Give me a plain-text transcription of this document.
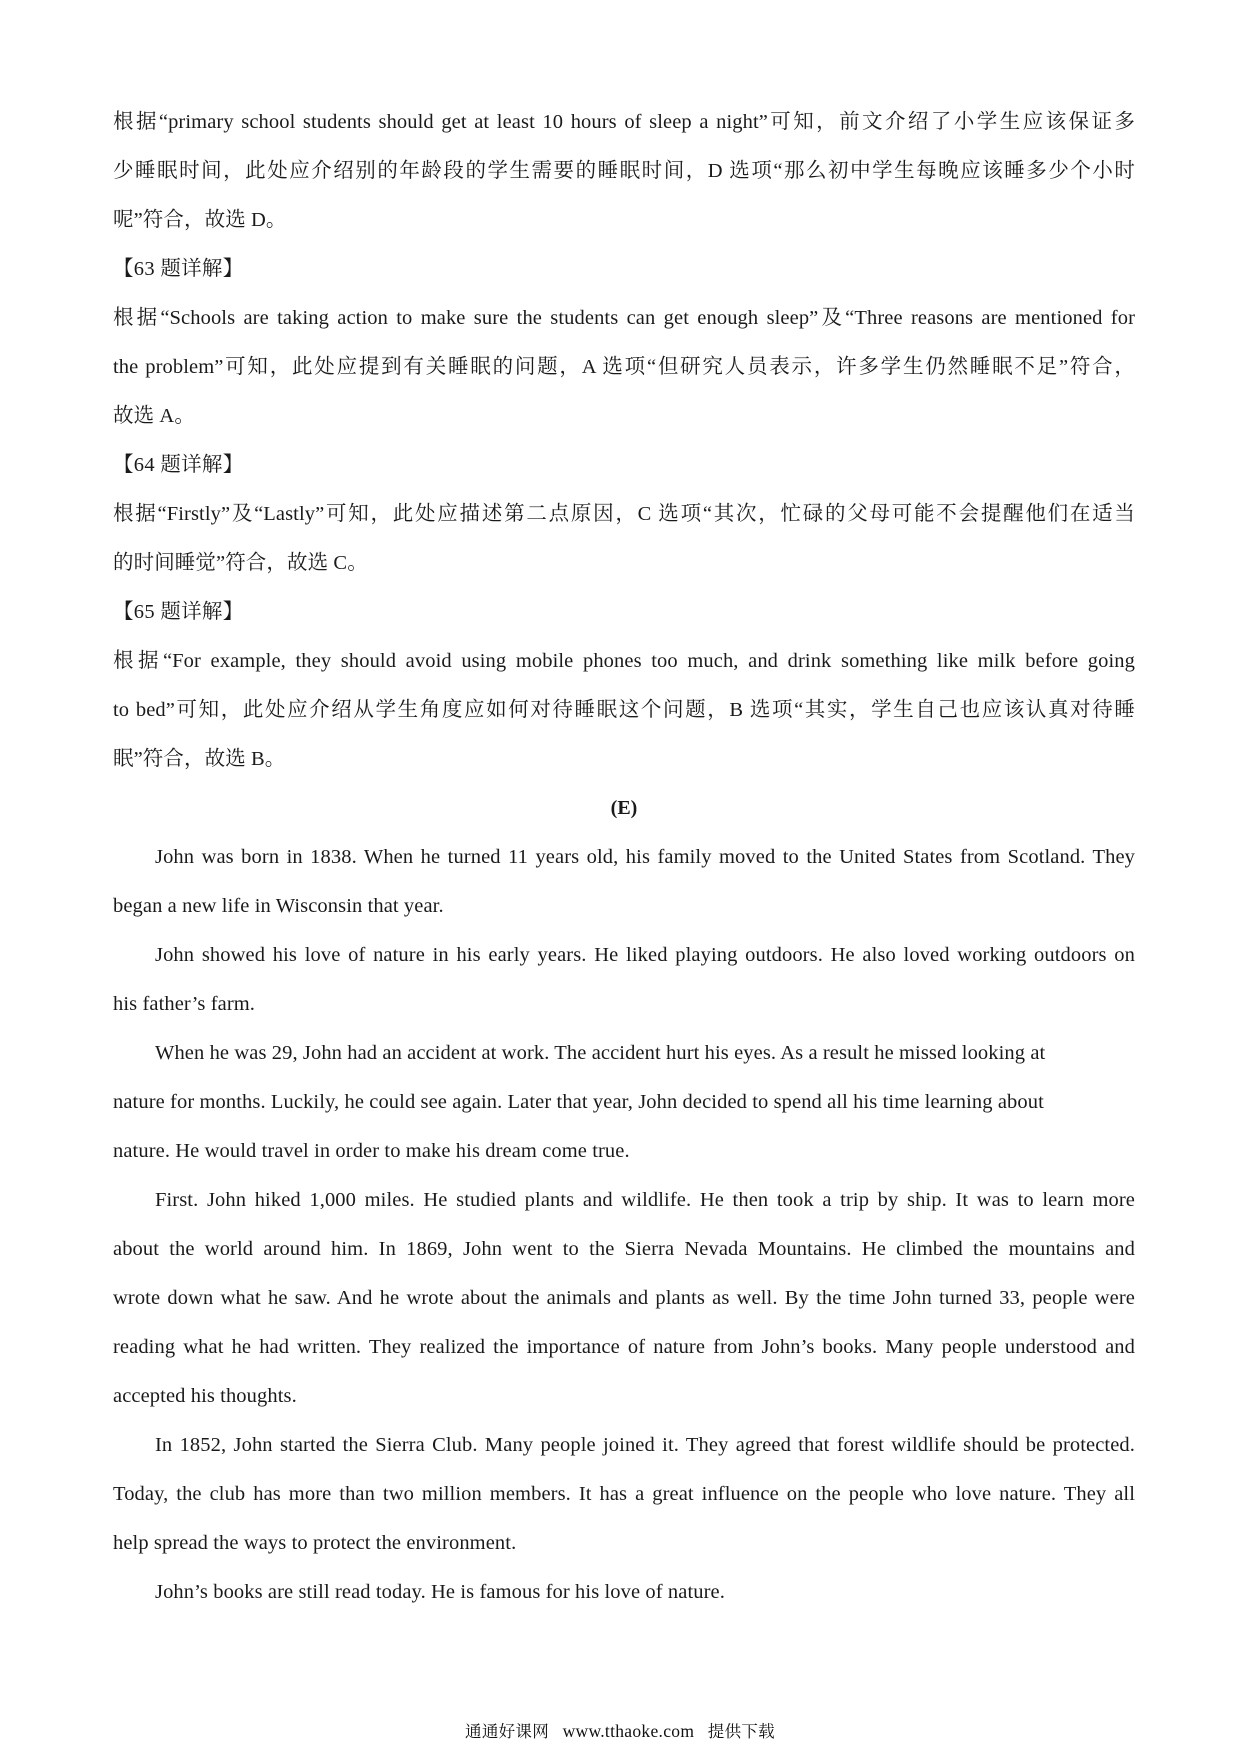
根据“primary school students should get at least 10 hours of sleep a night”可知，前文介绍了小学生应该保证多
少睡眠时间，此处应介绍别的年龄段的学生需要的睡眠时间，D 选项“那么初中学生每晚应该睡多少个小时
呢”符合，故选 D。
【63 题详解】
根据“Schools are taking action to make sure the students can get enough sleep”及“Three reasons are mentioned for
the problem”可知，此处应提到有关睡眠的问题，A 选项“但研究人员表示，许多学生仍然睡眠不足”符合，
故选 A。
【64 题详解】
根据“Firstly”及“Lastly”可知，此处应描述第二点原因，C 选项“其次，忙碌的父母可能不会提醒他们在适当
的时间睡觉”符合，故选 C。
【65 题详解】
根据“For example, they should avoid using mobile phones too much, and drink something like milk before going
to bed”可知，此处应介绍从学生角度应如何对待睡眠这个问题，B 选项“其实，学生自己也应该认真对待睡
眠”符合，故选 B。
(E)
John was born in 1838. When he turned 11 years old, his family moved to the United States from Scotland. They
began a new life in Wisconsin that year.
John showed his love of nature in his early years. He liked playing outdoors. He also loved working outdoors on
his father’s farm.
When he was 29, John had an accident at work. The accident hurt his eyes. As a result he missed looking at
nature for months. Luckily, he could see again. Later that year, John decided to spend all his time learning about
nature. He would travel in order to make his dream come true.
First. John hiked 1,000 miles. He studied plants and wildlife. He then took a trip by ship. It was to learn more
about the world around him. In 1869, John went to the Sierra Nevada Mountains. He climbed the mountains and
wrote down what he saw. And he wrote about the animals and plants as well. By the time John turned 33, people were
reading what he had written. They realized the importance of nature from John’s books. Many people understood and
accepted his thoughts.
In 1852, John started the Sierra Club. Many people joined it. They agreed that forest wildlife should be protected.
Today, the club has more than two million members. It has a great influence on the people who love nature. They all
help spread the ways to protect the environment.
John’s books are still read today. He is famous for his love of nature.
通通好课网 www.tthaoke.com 提供下载
